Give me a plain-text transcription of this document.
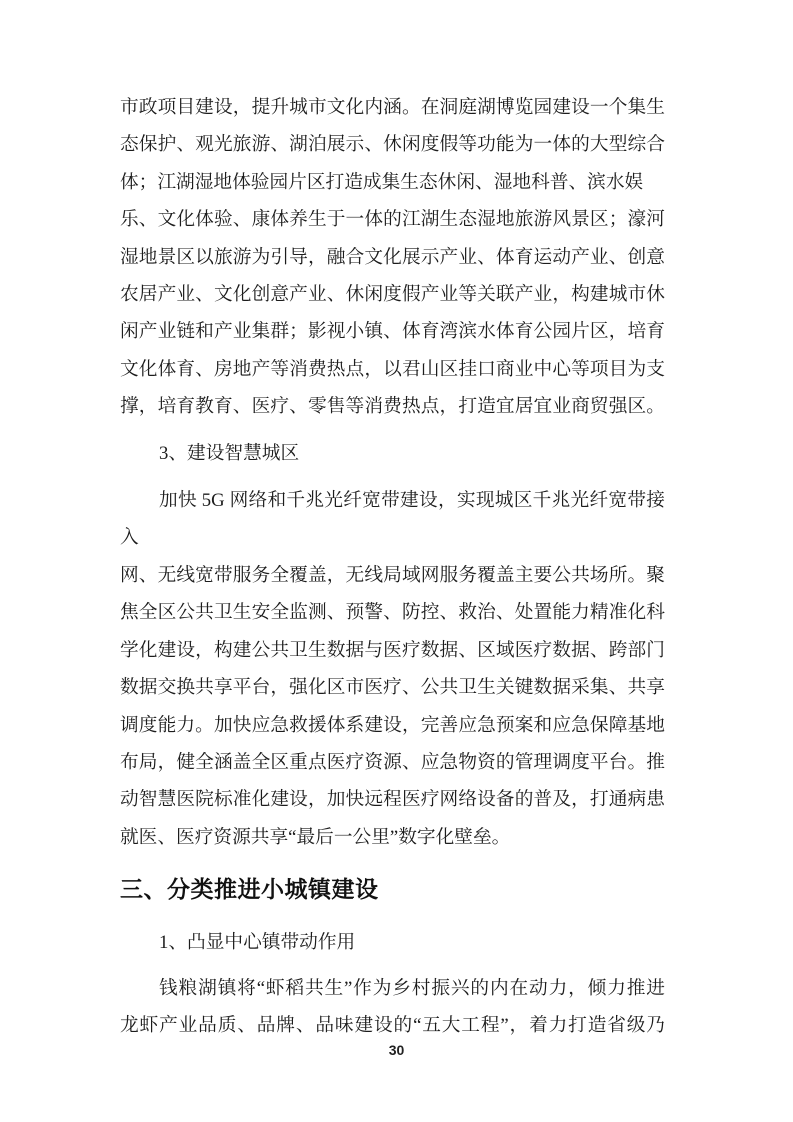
市政项目建设，提升城市文化内涵。在洞庭湖博览园建设一个集生
态保护、观光旅游、湖泊展示、休闲度假等功能为一体的大型综合
体；江湖湿地体验园片区打造成集生态休闲、湿地科普、滨水娱
乐、文化体验、康体养生于一体的江湖生态湿地旅游风景区；濠河
湿地景区以旅游为引导，融合文化展示产业、体育运动产业、创意
农居产业、文化创意产业、休闲度假产业等关联产业，构建城市休
闲产业链和产业集群；影视小镇、体育湾滨水体育公园片区，培育
文化体育、房地产等消费热点，以君山区挂口商业中心等项目为支
撑，培育教育、医疗、零售等消费热点，打造宜居宜业商贸强区。
3、建设智慧城区
加快 5G 网络和千兆光纤宽带建设，实现城区千兆光纤宽带接入
网、无线宽带服务全覆盖，无线局域网服务覆盖主要公共场所。聚
焦全区公共卫生安全监测、预警、防控、救治、处置能力精准化科
学化建设，构建公共卫生数据与医疗数据、区域医疗数据、跨部门
数据交换共享平台，强化区市医疗、公共卫生关键数据采集、共享
调度能力。加快应急救援体系建设，完善应急预案和应急保障基地
布局，健全涵盖全区重点医疗资源、应急物资的管理调度平台。推
动智慧医院标准化建设，加快远程医疗网络设备的普及，打通病患
就医、医疗资源共享“最后一公里”数字化壁垒。
三、分类推进小城镇建设
1、凸显中心镇带动作用
钱粮湖镇将“虾稻共生”作为乡村振兴的内在动力，倾力推进
龙虾产业品质、品牌、品味建设的“五大工程”，着力打造省级乃
30
